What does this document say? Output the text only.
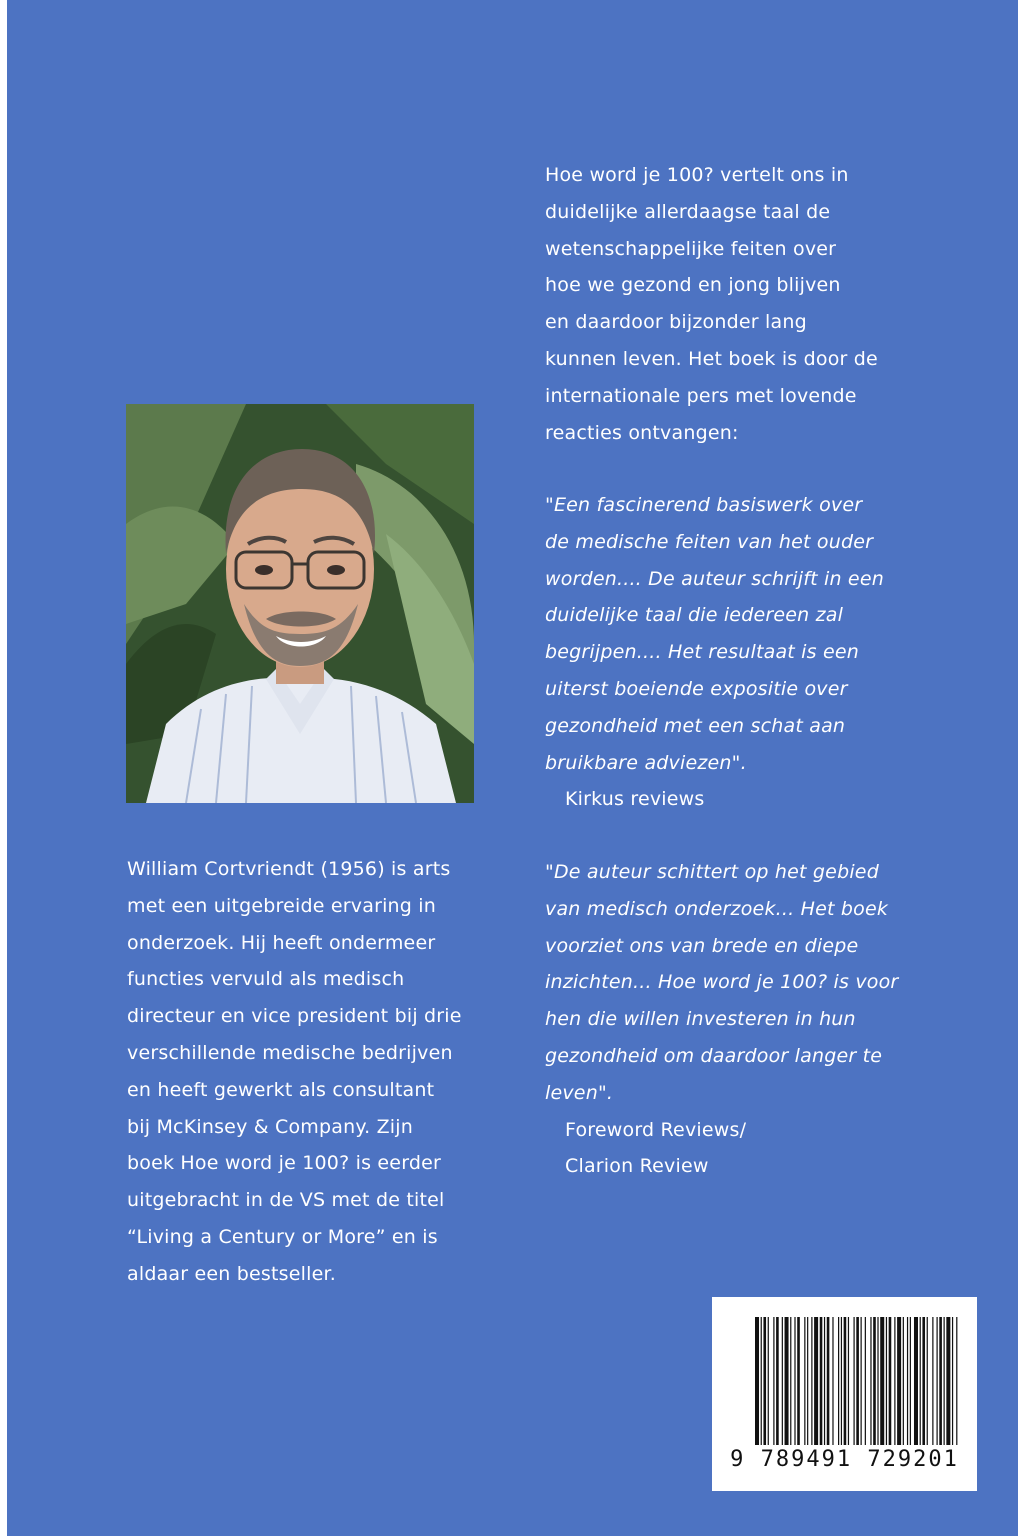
Hoe word je 100? vertelt ons in
duidelijke allerdaagse taal de
wetenschappelijke feiten over
hoe we gezond en jong blijven
en daardoor bijzonder lang
kunnen leven. Het boek is door de
internationale pers met lovende
reacties ontvangen:
"Een fascinerend basiswerk over
de medische feiten van het ouder
worden.... De auteur schrijft in een
duidelijke taal die iedereen zal
begrijpen.... Het resultaat is een
uiterst boeiende expositie over
gezondheid met een schat aan
bruikbare adviezen".
Kirkus reviews
"De auteur schittert op het gebied
van medisch onderzoek... Het boek
voorziet ons van brede en diepe
inzichten... Hoe word je 100? is voor
hen die willen investeren in hun
gezondheid om daardoor langer te
leven".
Foreword Reviews/
Clarion Review
William Cortvriendt (1956) is arts
met een uitgebreide ervaring in
onderzoek. Hij heeft ondermeer
functies vervuld als medisch
directeur en vice president bij drie
verschillende medische bedrijven
en heeft gewerkt als consultant
bij McKinsey & Company. Zijn
boek Hoe word je 100? is eerder
uitgebracht in de VS met de titel
“Living a Century or More” en is
aldaar een bestseller.
9 789491 729201
